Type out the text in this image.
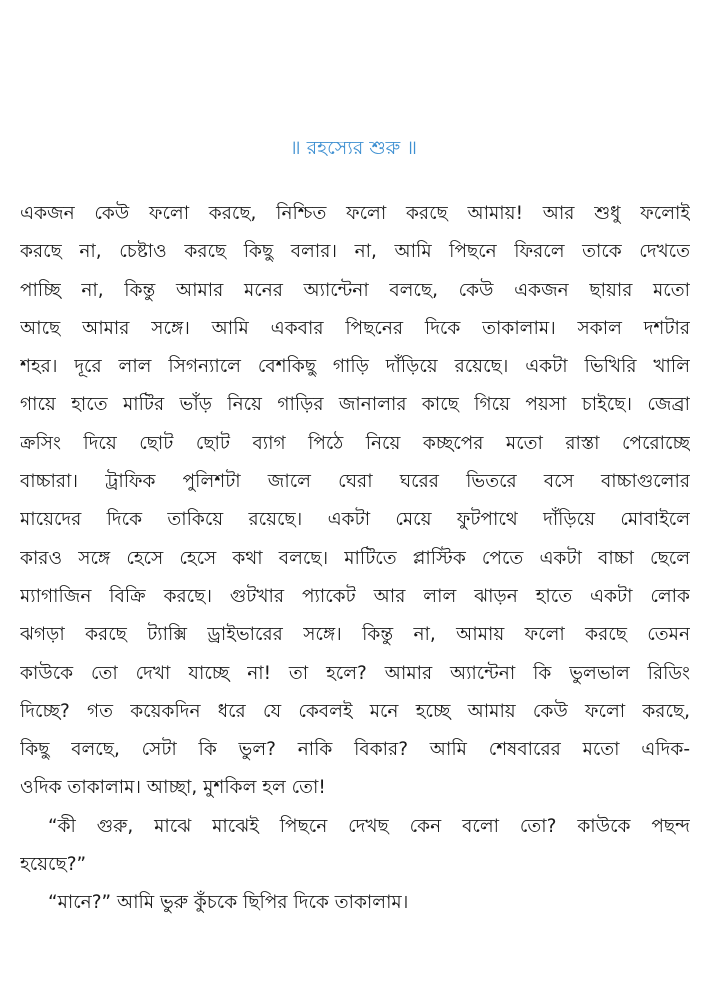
॥ রহস্যের শুরু ॥
একজন কেউ ফলো করছে, নিশ্চিত ফলো করছে আমায়! আর শুধু ফলোই
করছে না, চেষ্টাও করছে কিছু বলার। না, আমি পিছনে ফিরলে তাকে দেখতে
পাচ্ছি না, কিন্তু আমার মনের অ্যান্টেনা বলছে, কেউ একজন ছায়ার মতো
আছে আমার সঙ্গে। আমি একবার পিছনের দিকে তাকালাম। সকাল দশটার
শহর। দূরে লাল সিগন্যালে বেশকিছু গাড়ি দাঁড়িয়ে রয়েছে। একটা ভিখিরি খালি
গায়ে হাতে মাটির ভাঁড় নিয়ে গাড়ির জানালার কাছে গিয়ে পয়সা চাইছে। জেব্রা
ক্রসিং দিয়ে ছোট ছোট ব্যাগ পিঠে নিয়ে কচ্ছপের মতো রাস্তা পেরোচ্ছে
বাচ্চারা। ট্রাফিক পুলিশটা জালে ঘেরা ঘরের ভিতরে বসে বাচ্চাগুলোর
মায়েদের দিকে তাকিয়ে রয়েছে। একটা মেয়ে ফুটপাথে দাঁড়িয়ে মোবাইলে
কারও সঙ্গে হেসে হেসে কথা বলছে। মাটিতে প্লাস্টিক পেতে একটা বাচ্চা ছেলে
ম্যাগাজিন বিক্রি করছে। গুটখার প্যাকেট আর লাল ঝাড়ন হাতে একটা লোক
ঝগড়া করছে ট্যাক্সি ড্রাইভারের সঙ্গে। কিন্তু না, আমায় ফলো করছে তেমন
কাউকে তো দেখা যাচ্ছে না! তা হলে? আমার অ্যান্টেনা কি ভুলভাল রিডিং
দিচ্ছে? গত কয়েকদিন ধরে যে কেবলই মনে হচ্ছে আমায় কেউ ফলো করছে,
কিছু বলছে, সেটা কি ভুল? নাকি বিকার? আমি শেষবারের মতো এদিক-
ওদিক তাকালাম। আচ্ছা, মুশকিল হল তো!
“কী গুরু, মাঝে মাঝেই পিছনে দেখছ কেন বলো তো? কাউকে পছন্দ
হয়েছে?”
“মানে?” আমি ভুরু কুঁচকে ছিপির দিকে তাকালাম।
